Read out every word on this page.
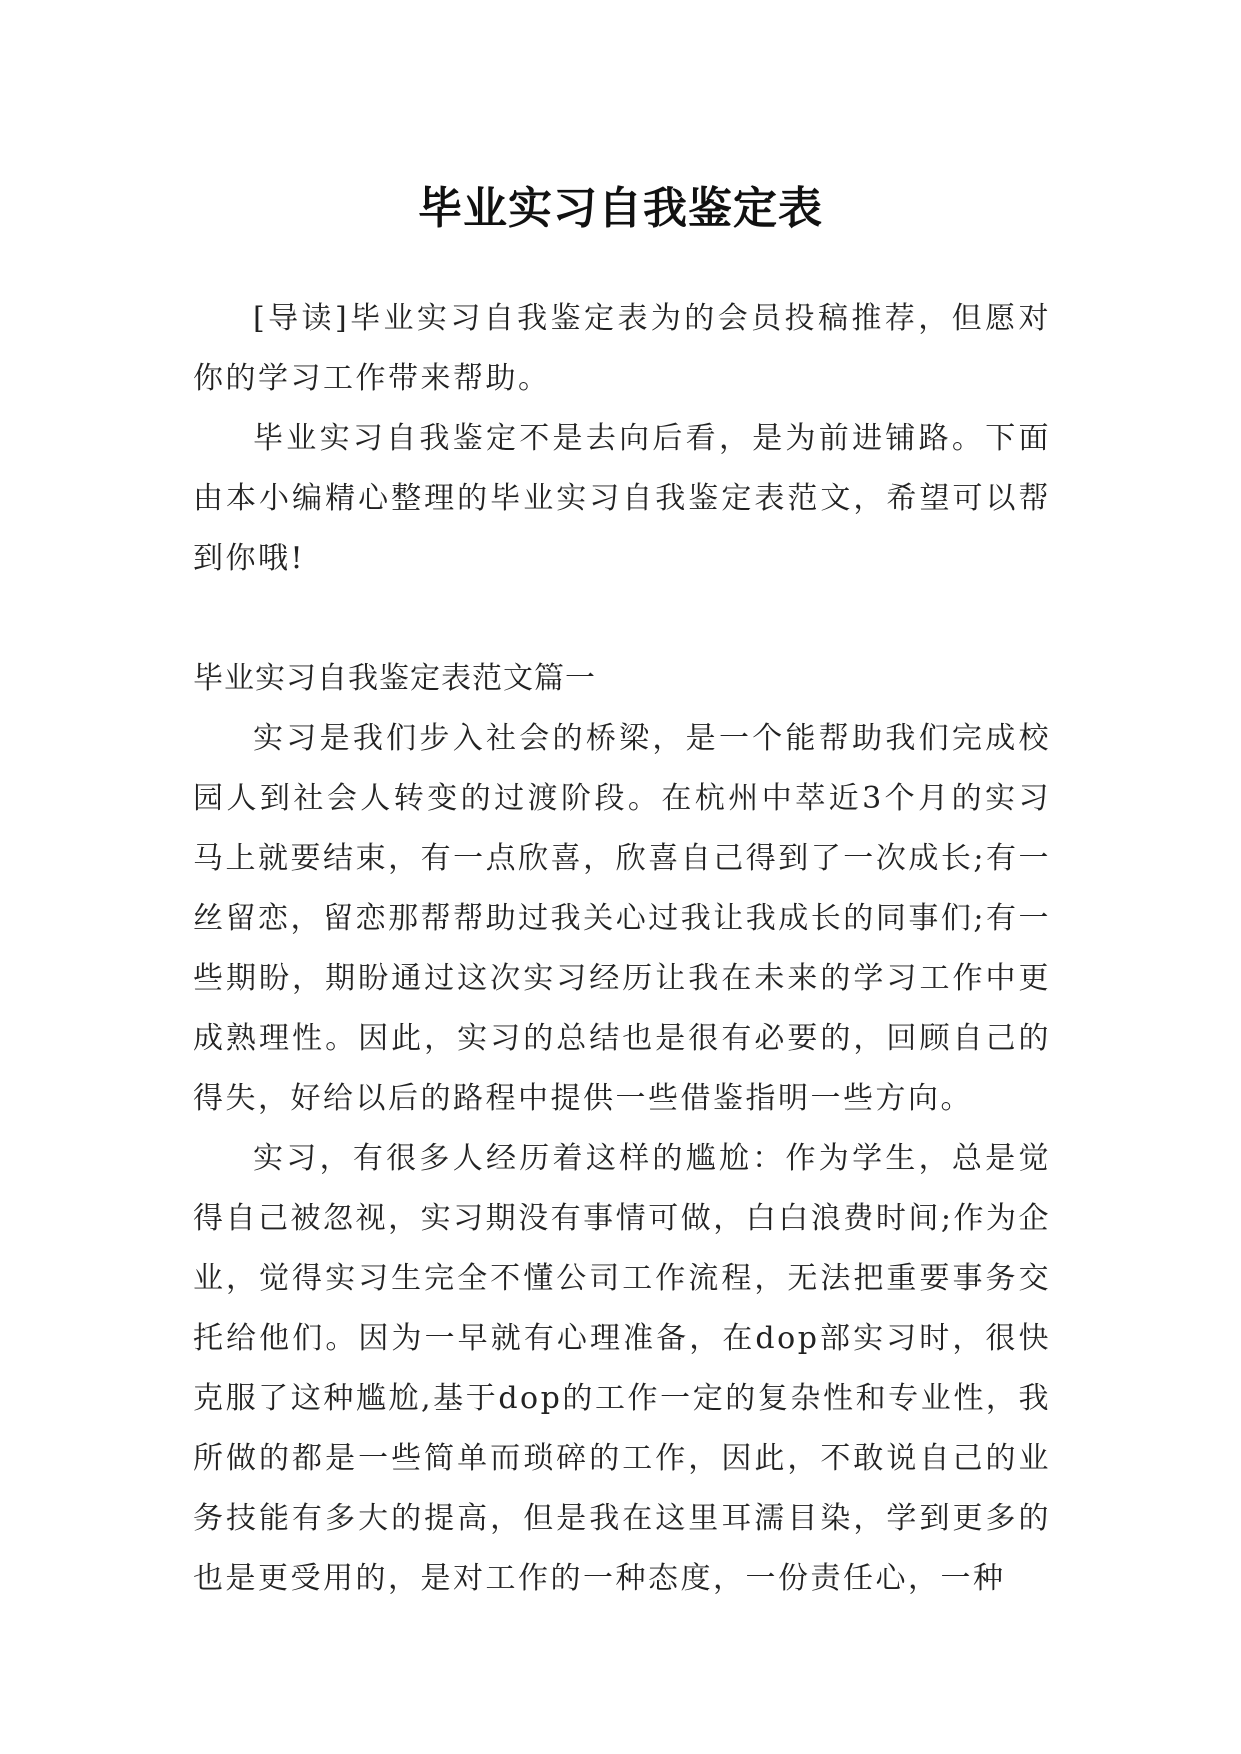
毕业实习自我鉴定表

[导读]毕业实习自我鉴定表为的会员投稿推荐，但愿对你的学习工作带来帮助。

毕业实习自我鉴定不是去向后看，是为前进铺路。下面由本小编精心整理的毕业实习自我鉴定表范文，希望可以帮到你哦!

毕业实习自我鉴定表范文篇一

实习是我们步入社会的桥梁，是一个能帮助我们完成校园人到社会人转变的过渡阶段。在杭州中萃近3个月的实习马上就要结束，有一点欣喜，欣喜自己得到了一次成长;有一丝留恋，留恋那帮帮助过我关心过我让我成长的同事们;有一些期盼，期盼通过这次实习经历让我在未来的学习工作中更成熟理性。因此，实习的总结也是很有必要的，回顾自己的得失，好给以后的路程中提供一些借鉴指明一些方向。

实习，有很多人经历着这样的尴尬：作为学生，总是觉得自己被忽视，实习期没有事情可做，白白浪费时间;作为企业，觉得实习生完全不懂公司工作流程，无法把重要事务交托给他们。因为一早就有心理准备，在dop部实习时，很快克服了这种尴尬,基于dop的工作一定的复杂性和专业性，我所做的都是一些简单而琐碎的工作，因此，不敢说自己的业务技能有多大的提高，但是我在这里耳濡目染，学到更多的也是更受用的，是对工作的一种态度，一份责任心，一种
